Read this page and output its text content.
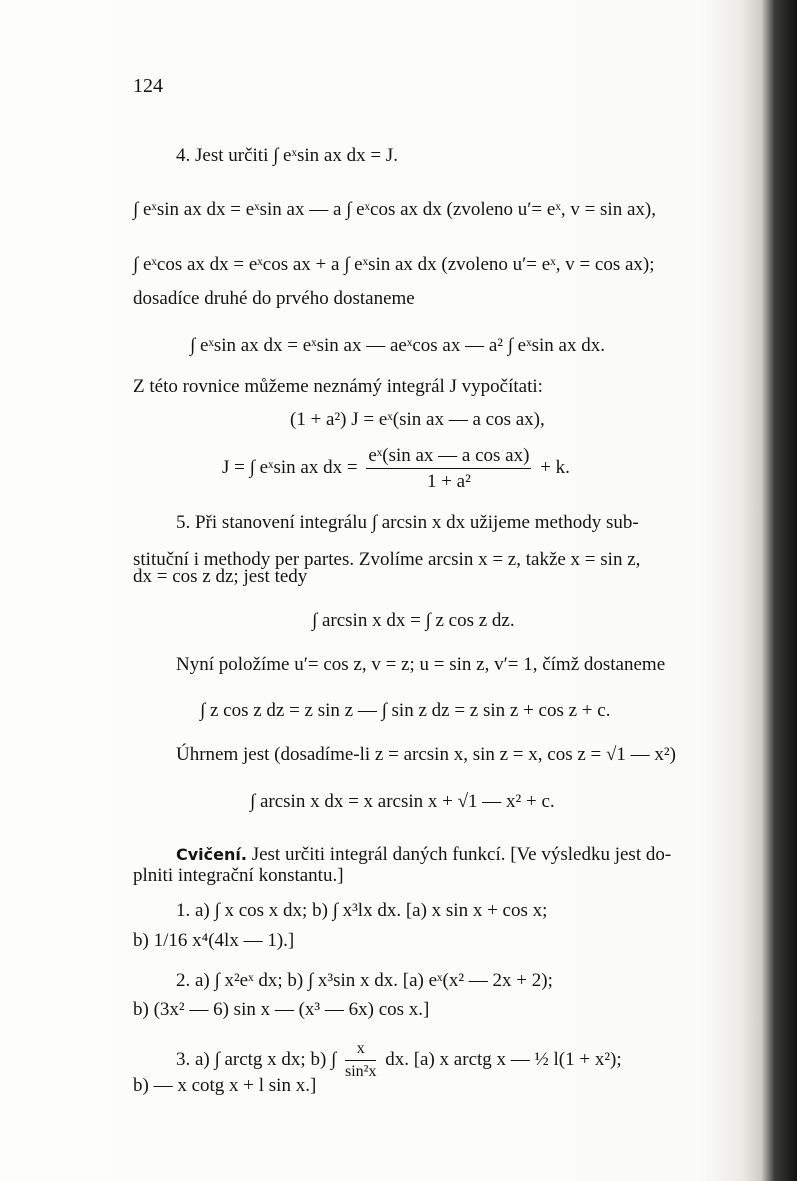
124
4. Jest určiti ∫ eˣsin ax dx = J.
∫ eˣsin ax dx = eˣsin ax — a ∫ eˣcos ax dx (zvoleno u′= eˣ, v = sin ax),
∫ eˣcos ax dx = eˣcos ax + a ∫ eˣsin ax dx (zvoleno u′= eˣ, v = cos ax);
dosadíce druhé do prvého dostaneme
∫ eˣsin ax dx = eˣsin ax — aeˣcos ax — a² ∫ eˣsin ax dx.
Z této rovnice můžeme neznámý integrál J vypočítati:
(1 + a²) J = eˣ(sin ax — a cos ax),
J = ∫ eˣsin ax dx = $\frac{\text{eˣ(sin ax — a cos ax)}}{\text{1 + a²}} + k$.
5. Při stanovení integrálu ∫ arcsin x dx užijeme methody sub-
stituční i methody per partes. Zvolíme arcsin x = z, takže x = sin z,
dx = cos z dz; jest tedy
∫ arcsin x dx = ∫ z cos z dz.
Nyní položíme u′= cos z, v = z; u = sin z, v′= 1, čímž dostaneme
∫ z cos z dz = z sin z — ∫ sin z dz = z sin z + cos z + c.
Úhrnem jest (dosadíme-li z = arcsin x, sin z = x, cos z = √1 — x²)
∫ arcsin x dx = x arcsin x + √1 — x² + c.
Cvičení. Jest určiti integrál daných funkcí. [Ve výsledku jest do-
plniti integrační konstantu.]
1. a) ∫ x cos x dx; b) ∫ x³lx dx. [a) x sin x + cos x;
b) 1/16 x⁴(4lx — 1).]
2. a) ∫ x²eˣ dx; b) ∫ x³sin x dx. [a) eˣ(x² — 2x + 2);
b) (3x² — 6) sin x — (x³ — 6x) cos x.]
3. a) ∫ arctg x dx; b) ∫ $\frac{x}{\text{sin²x}}$ dx. [a) x arctg x — ½ l(1 + x²);
b) — x cotg x + l sin x.]
